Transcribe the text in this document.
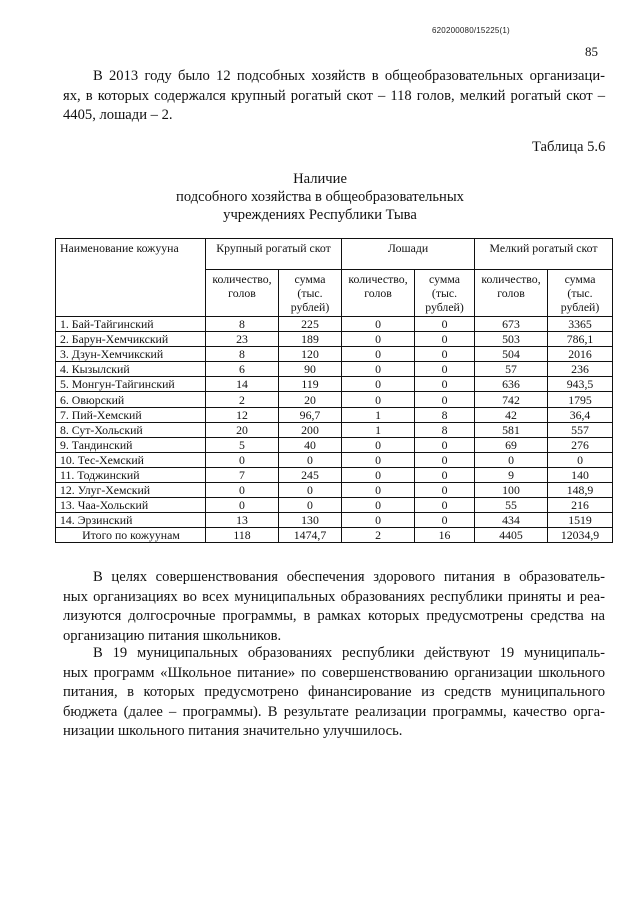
620200080/15225(1)
85

В 2013 году было 12 подсобных хозяйств в общеобразовательных организаци-
ях, в которых содержался крупный рогатый скот – 118 голов, мелкий рогатый скот –
4405, лошади – 2.

Таблица 5.6
Наличие
подсобного хозяйства в общеобразовательных
учреждениях Республики Тыва
Наименование кожууна	Крупный рогатый скот		Лошади		Мелкий рогатый скот	
	количество, голов	сумма (тыс. рублей)	количество, голов	сумма (тыс. рублей)	количество, голов	сумма (тыс. рублей)
1. Бай-Тайгинский	8	225	0	0	673	3365
2. Барун-Хемчикский	23	189	0	0	503	786,1
3. Дзун-Хемчикский	8	120	0	0	504	2016
4. Кызылский	6	90	0	0	57	236
5. Монгун-Тайгинский	14	119	0	0	636	943,5
6. Овюрский	2	20	0	0	742	1795
7. Пий-Хемский	12	96,7	1	8	42	36,4
8. Сут-Хольский	20	200	1	8	581	557
9. Тандинский	5	40	0	0	69	276
10. Тес-Хемский	0	0	0	0	0	0
11. Тоджинский	7	245	0	0	9	140
12. Улуг-Хемский	0	0	0	0	100	148,9
13. Чаа-Хольский	0	0	0	0	55	216
14. Эрзинский	13	130	0	0	434	1519
Итого по кожуунам	118	1474,7	2	16	4405	12034,9

В целях совершенствования обеспечения здорового питания в образователь-
ных организациях во всех муниципальных образованиях республики приняты и реа-
лизуются долгосрочные программы, в рамках которых предусмотрены средства на
организацию питания школьников.

В 19 муниципальных образованиях республики действуют 19 муниципаль-
ных программ «Школьное питание» по совершенствованию организации школьного
питания, в которых предусмотрено финансирование из средств муниципального
бюджета (далее – программы). В результате реализации программы, качество орга-
низации школьного питания значительно улучшилось.
